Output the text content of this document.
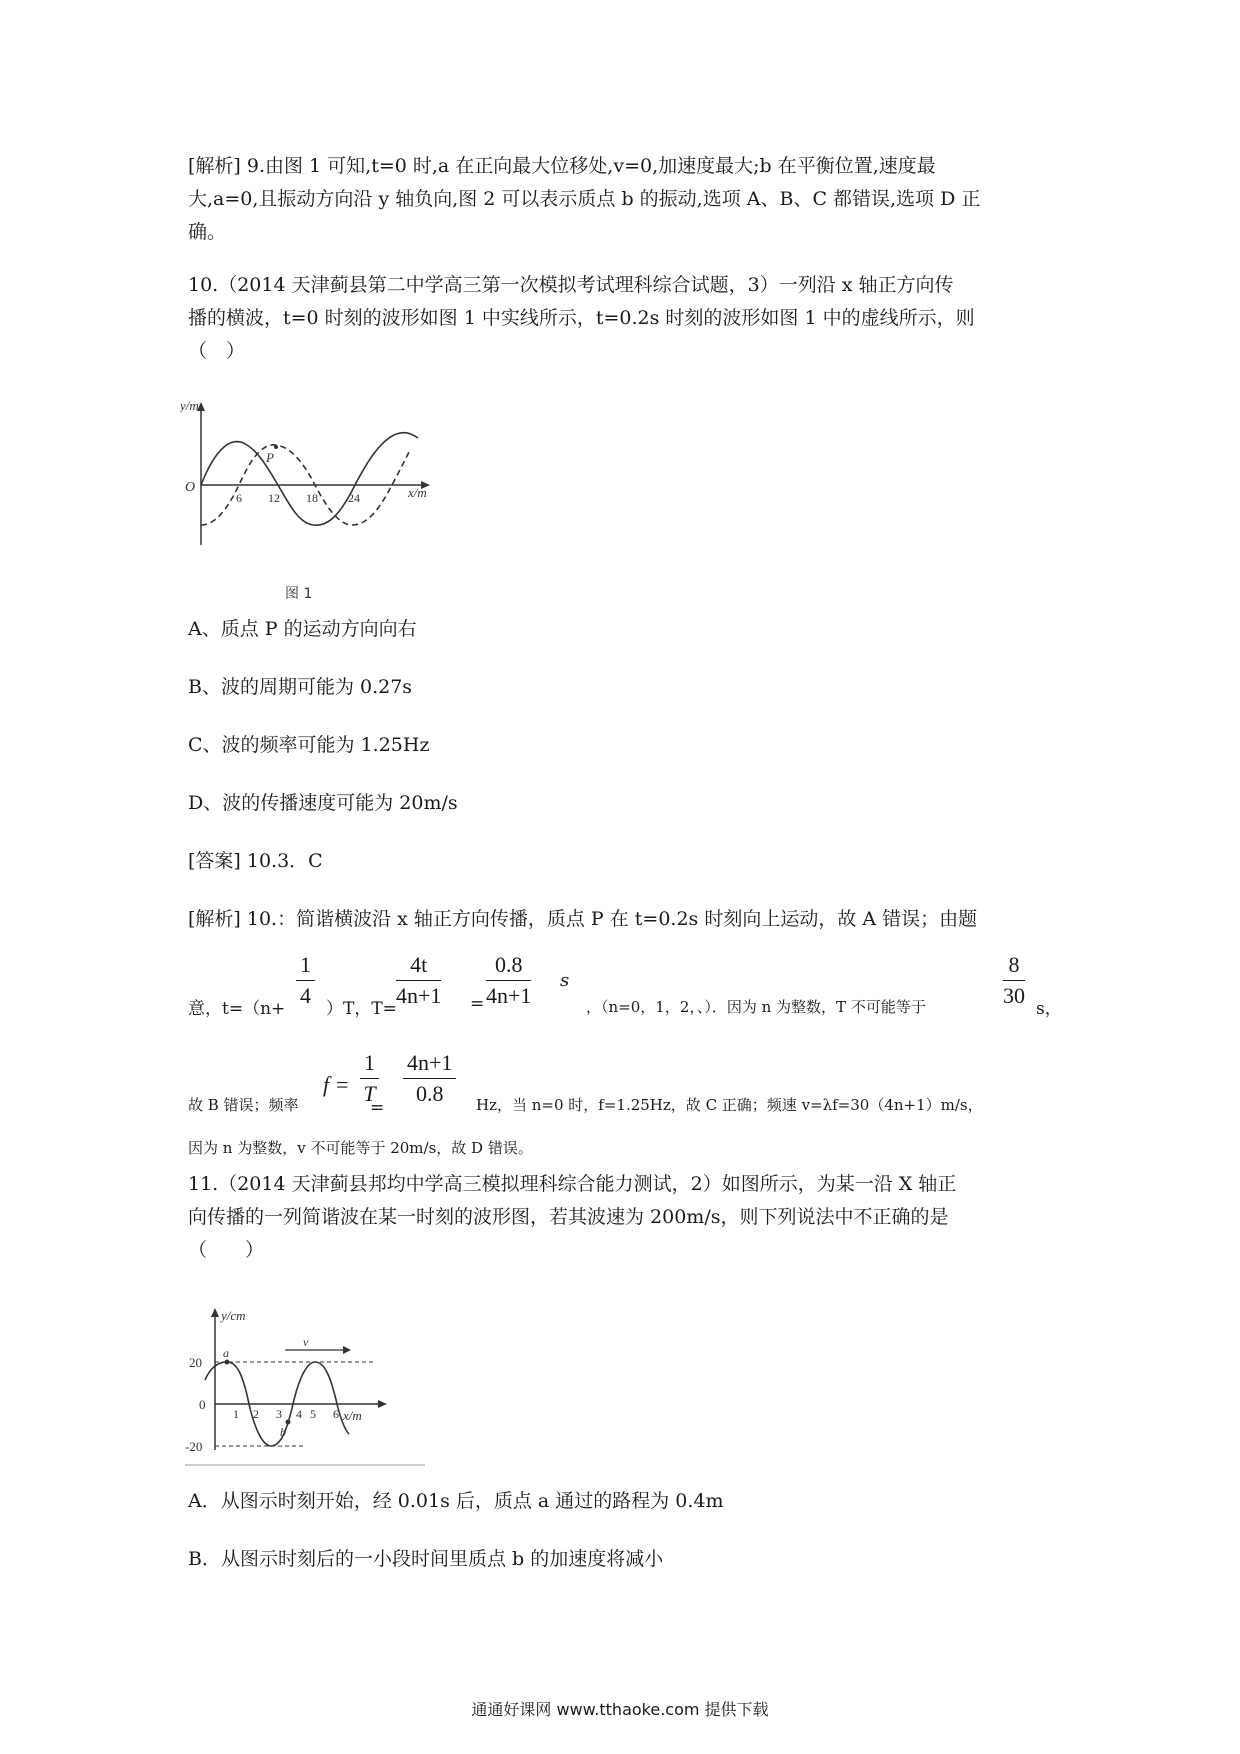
[解析] 9.由图 1 可知,t=0 时,a 在正向最大位移处,v=0,加速度最大;b 在平衡位置,速度最

大,a=0,且振动方向沿 y 轴负向,图 2 可以表示质点 b 的振动,选项 A、B、C 都错误,选项 D 正

确。

10.（2014 天津蓟县第二中学高三第一次模拟考试理科综合试题，3）一列沿 x 轴正方向传

播的横波，t=0 时刻的波形如图 1 中实线所示，t=0.2s 时刻的波形如图 1 中的虚线所示，则

（　）

y/m
x/m
O
P
6 12 18	24
图 1

A、质点 P 的运动方向向右

B、波的周期可能为 0.27s

C、波的频率可能为 1.25Hz

D、波的传播速度可能为 20m/s

[答案] 10.3．C

[解析] 10.：简谐横波沿 x 轴正方向传播，质点 P 在 t=0.2s 时刻向上运动，故 A 错误；由题

意，$t=(n+ \frac{1}{4} )T$，$T= \frac{4t}{4n+1} = \frac{0.8}{4n+1}$ s
，（n=0，1，2，、）．因为 n 为整数，T 不可能等于	$\frac{8}{30}$ s，
故 B 错误；频率
$f = \frac{1}{T}$
= $\frac{4n+1}{0.8}$ Hz，当 n=0 时，f=1.25Hz，故 C 正确；频速 v=λf=30（4n+1）m/s，

因为 n 为整数，v 不可能等于 20m/s，故 D 错误。

11.（2014 天津蓟县邦均中学高三模拟理科综合能力测试，2）如图所示，为某一沿 X 轴正

向传播的一列简谐波在某一时刻的波形图，若其波速为 200m/s，则下列说法中不正确的是

（　　）

y/cm
x/m
20
0
-20
a
b
v
1 2 3 4 5 6

A．从图示时刻开始，经 0.01s 后，质点 a 通过的路程为 0.4m

B．从图示时刻后的一小段时间里质点 b 的加速度将减小

通通好课网 www.tthaoke.com 提供下载
